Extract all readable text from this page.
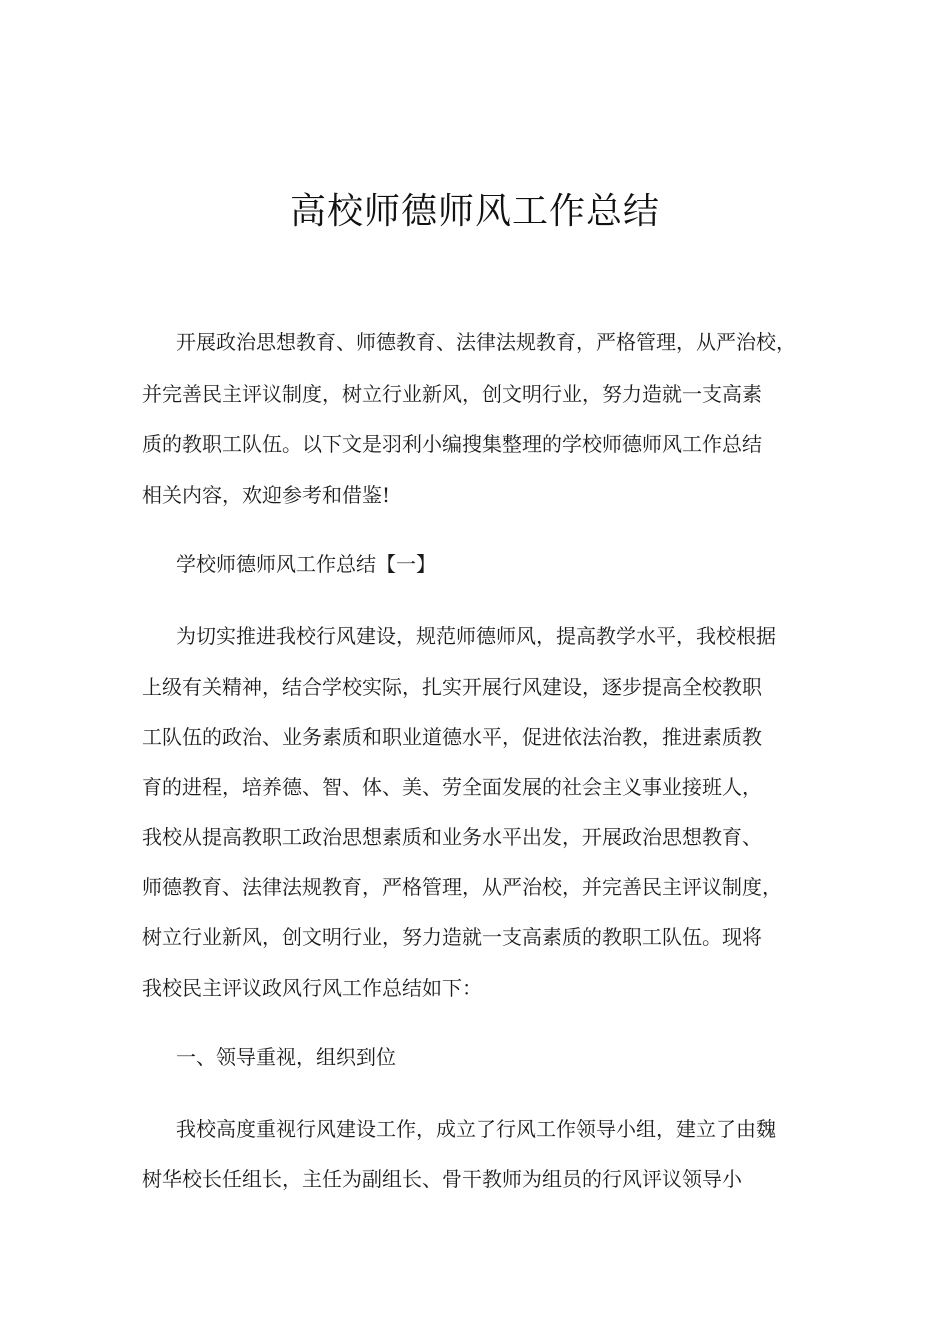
高校师德师风工作总结
开展政治思想教育、师德教育、法律法规教育，严格管理，从严治校，
并完善民主评议制度，树立行业新风，创文明行业，努力造就一支高素
质的教职工队伍。以下文是羽利小编搜集整理的学校师德师风工作总结
相关内容，欢迎参考和借鉴!
学校师德师风工作总结【一】
为切实推进我校行风建设，规范师德师风，提高教学水平，我校根据
上级有关精神，结合学校实际，扎实开展行风建设，逐步提高全校教职
工队伍的政治、业务素质和职业道德水平，促进依法治教，推进素质教
育的进程，培养德、智、体、美、劳全面发展的社会主义事业接班人，
我校从提高教职工政治思想素质和业务水平出发，开展政治思想教育、
师德教育、法律法规教育，严格管理，从严治校，并完善民主评议制度，
树立行业新风，创文明行业，努力造就一支高素质的教职工队伍。现将
我校民主评议政风行风工作总结如下：
一、领导重视，组织到位
我校高度重视行风建设工作，成立了行风工作领导小组，建立了由魏
树华校长任组长，主任为副组长、骨干教师为组员的行风评议领导小
